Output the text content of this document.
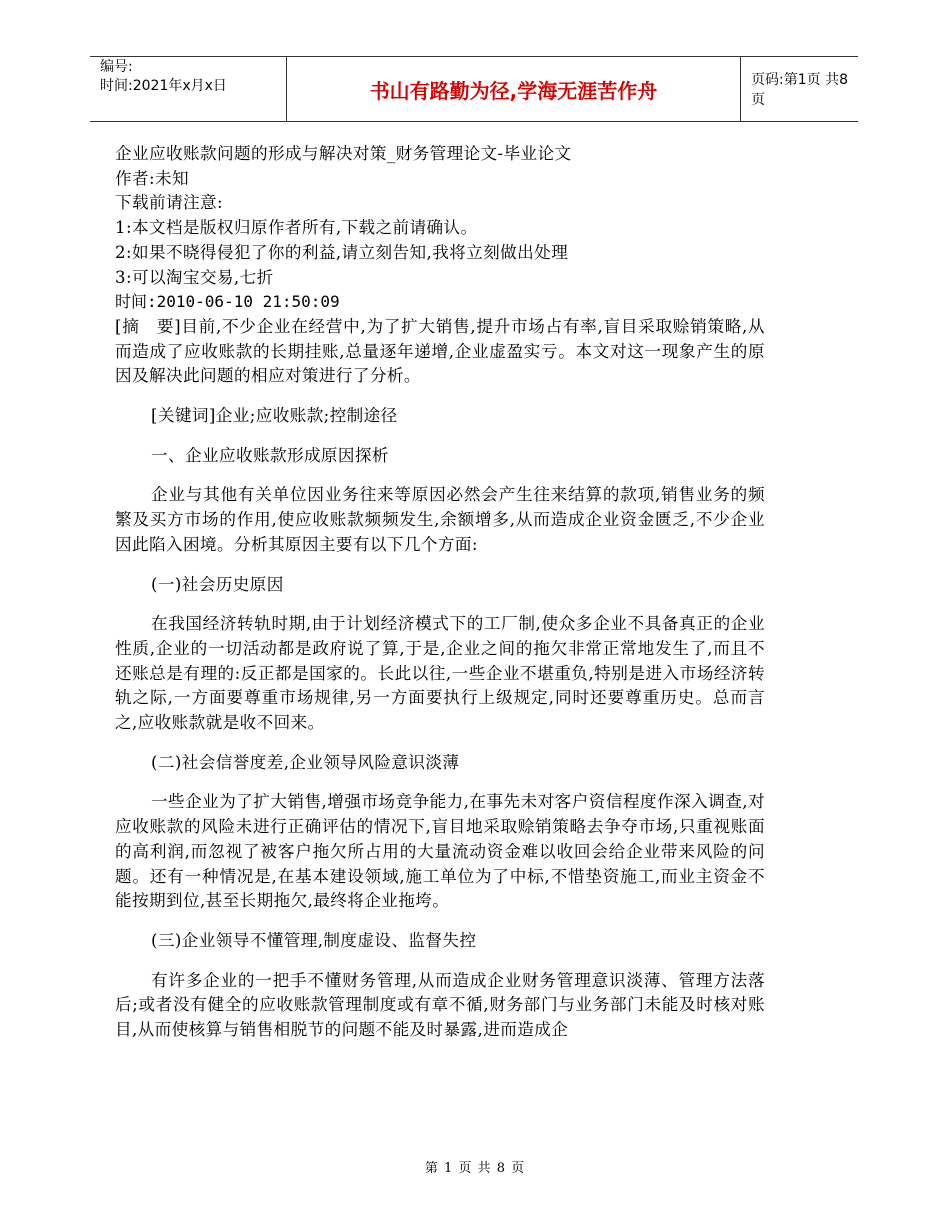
编号:
时间:2021年x月x日	书山有路勤为径,学海无涯苦作舟	页码:第1页 共8页
企业应收账款问题的形成与解决对策_财务管理论文-毕业论文
作者:未知
下载前请注意:
1:本文档是版权归原作者所有,下载之前请确认。
2:如果不晓得侵犯了你的利益,请立刻告知,我将立刻做出处理
3:可以淘宝交易,七折
时间:2010-06-10 21:50:09
[摘　要]目前,不少企业在经营中,为了扩大销售,提升市场占有率,盲目采取赊销策略,从而造成了应收账款的长期挂账,总量逐年递增,企业虚盈实亏。本文对这一现象产生的原因及解决此问题的相应对策进行了分析。
[关键词]企业;应收账款;控制途径
一、企业应收账款形成原因探析
企业与其他有关单位因业务往来等原因必然会产生往来结算的款项,销售业务的频繁及买方市场的作用,使应收账款频频发生,余额增多,从而造成企业资金匮乏,不少企业因此陷入困境。分析其原因主要有以下几个方面:
(一)社会历史原因
在我国经济转轨时期,由于计划经济模式下的工厂制,使众多企业不具备真正的企业性质,企业的一切活动都是政府说了算,于是,企业之间的拖欠非常正常地发生了,而且不还账总是有理的:反正都是国家的。长此以往,一些企业不堪重负,特别是进入市场经济转轨之际,一方面要尊重市场规律,另一方面要执行上级规定,同时还要尊重历史。总而言之,应收账款就是收不回来。
(二)社会信誉度差,企业领导风险意识淡薄
一些企业为了扩大销售,增强市场竞争能力,在事先未对客户资信程度作深入调查,对应收账款的风险未进行正确评估的情况下,盲目地采取赊销策略去争夺市场,只重视账面的高利润,而忽视了被客户拖欠所占用的大量流动资金难以收回会给企业带来风险的问题。还有一种情况是,在基本建设领域,施工单位为了中标,不惜垫资施工,而业主资金不能按期到位,甚至长期拖欠,最终将企业拖垮。
(三)企业领导不懂管理,制度虚设、监督失控
有许多企业的一把手不懂财务管理,从而造成企业财务管理意识淡薄、管理方法落后;或者没有健全的应收账款管理制度或有章不循,财务部门与业务部门未能及时核对账目,从而使核算与销售相脱节的问题不能及时暴露,进而造成企
第 1 页 共 8 页
